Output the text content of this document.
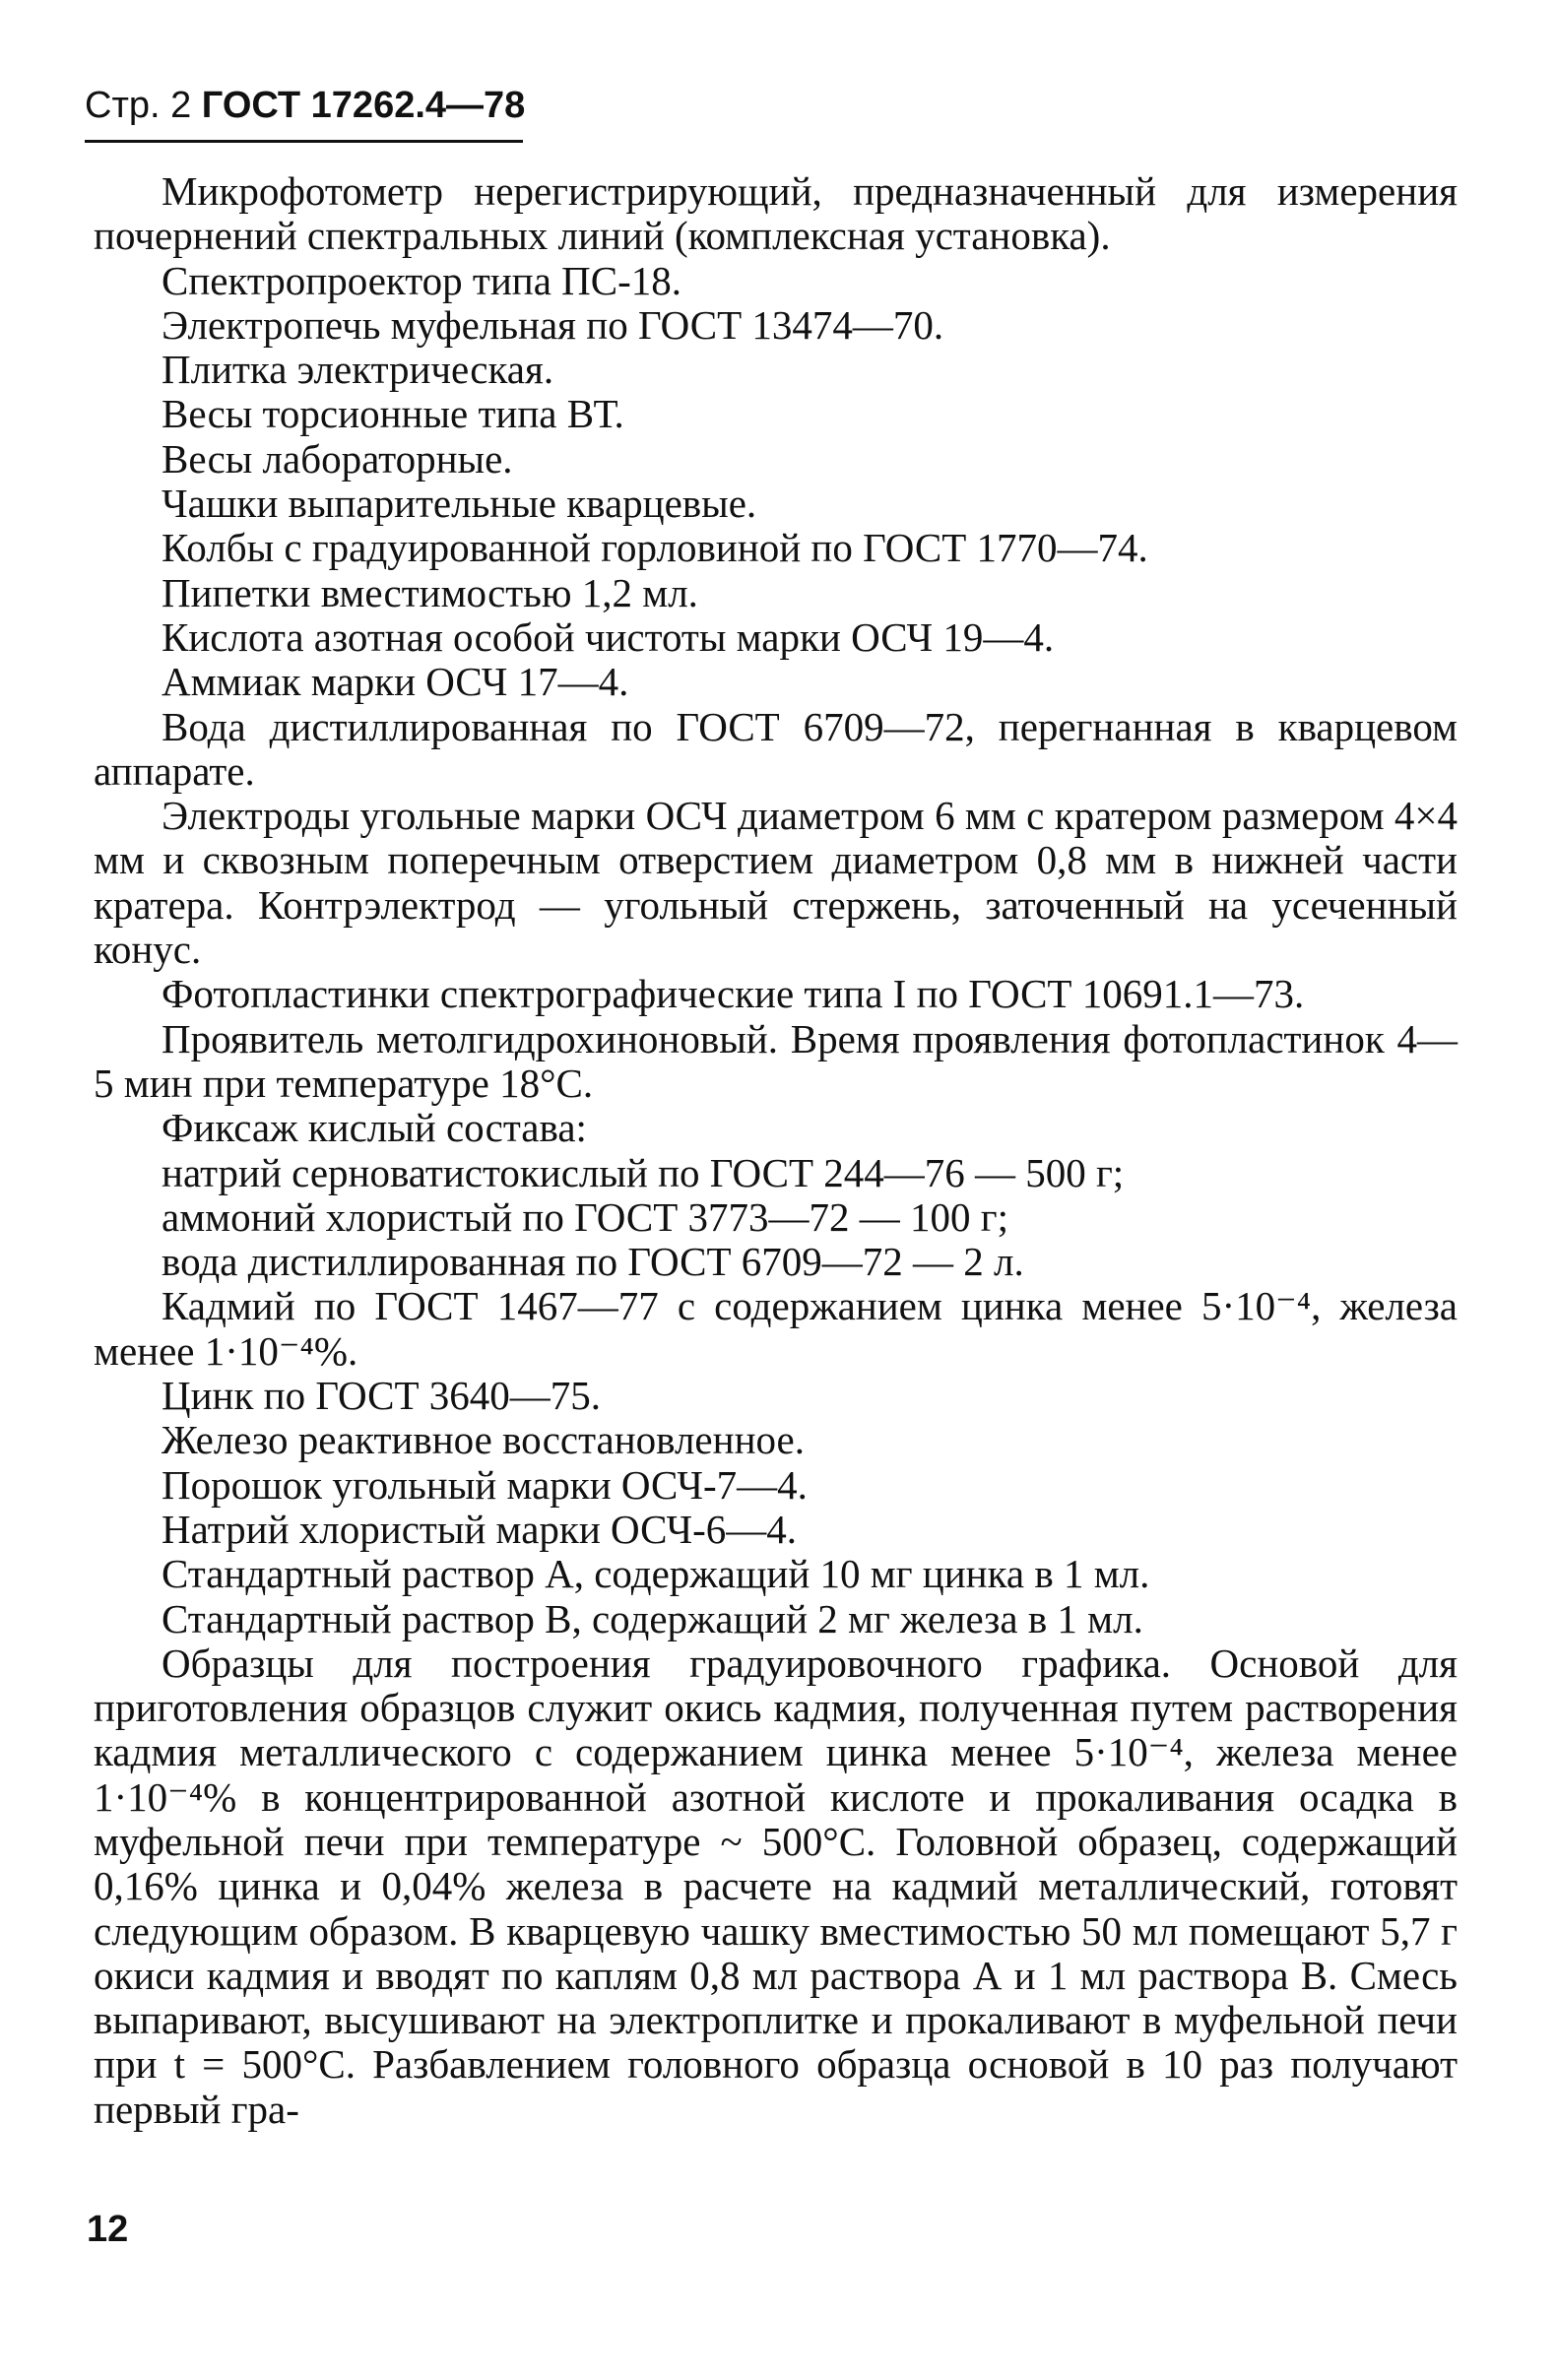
Стр. 2 ГОСТ 17262.4—78

Микрофотометр нерегистрирующий, предназначенный для измерения почернений спектральных линий (комплексная установка).

Спектропроектор типа ПС-18.

Электропечь муфельная по ГОСТ 13474—70.

Плитка электрическая.

Весы торсионные типа ВТ.

Весы лабораторные.

Чашки выпарительные кварцевые.

Колбы с градуированной горловиной по ГОСТ 1770—74.

Пипетки вместимостью 1,2 мл.

Кислота азотная особой чистоты марки ОСЧ 19—4.

Аммиак марки ОСЧ 17—4.

Вода дистиллированная по ГОСТ 6709—72, перегнанная в кварцевом аппарате.

Электроды угольные марки ОСЧ диаметром 6 мм с кратером размером 4×4 мм и сквозным поперечным отверстием диаметром 0,8 мм в нижней части кратера. Контрэлектрод — угольный стержень, заточенный на усеченный конус.

Фотопластинки спектрографические типа I по ГОСТ 10691.1—73.

Проявитель метолгидрохиноновый. Время проявления фотопластинок 4—5 мин при температуре 18°С.

Фиксаж кислый состава:

натрий серноватистокислый по ГОСТ 244—76 — 500 г;

аммоний хлористый по ГОСТ 3773—72 — 100 г;

вода дистиллированная по ГОСТ 6709—72 — 2 л.

Кадмий по ГОСТ 1467—77 с содержанием цинка менее 5·10⁻⁴, железа менее 1·10⁻⁴%.

Цинк по ГОСТ 3640—75.

Железо реактивное восстановленное.

Порошок угольный марки ОСЧ-7—4.

Натрий хлористый марки ОСЧ-6—4.

Стандартный раствор А, содержащий 10 мг цинка в 1 мл.

Стандартный раствор В, содержащий 2 мг железа в 1 мл.

Образцы для построения градуировочного графика. Основой для приготовления образцов служит окись кадмия, полученная путем растворения кадмия металлического с содержанием цинка менее 5·10⁻⁴, железа менее 1·10⁻⁴% в концентрированной азотной кислоте и прокаливания осадка в муфельной печи при температуре ~ 500°С. Головной образец, содержащий 0,16% цинка и 0,04% железа в расчете на кадмий металлический, готовят следующим образом. В кварцевую чашку вместимостью 50 мл помещают 5,7 г окиси кадмия и вводят по каплям 0,8 мл раствора А и 1 мл раствора В. Смесь выпаривают, высушивают на электроплитке и прокаливают в муфельной печи при t = 500°С. Разбавлением головного образца основой в 10 раз получают первый гра-

12
